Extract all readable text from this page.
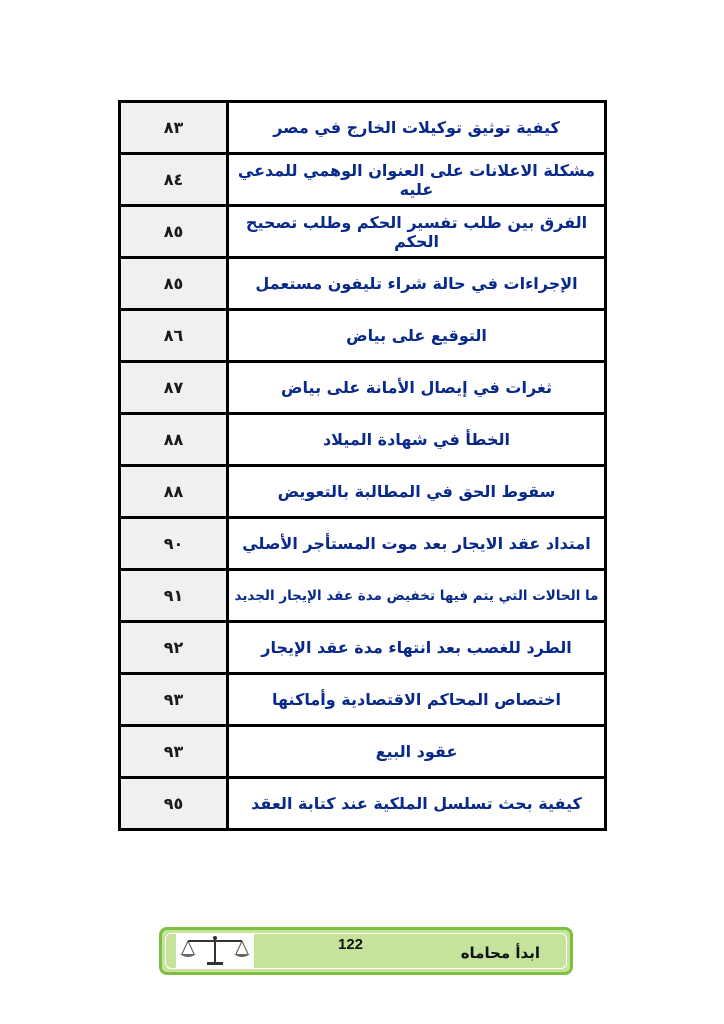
٨٣	كيفية توثيق توكيلات الخارج في مصر
٨٤	مشكلة الاعلانات على العنوان الوهمي للمدعي عليه
٨٥	الفرق بين طلب تفسير الحكم وطلب تصحيح الحكم
٨٥	الإجراءات في حالة شراء تليفون مستعمل
٨٦	التوقيع على بياض
٨٧	ثغرات في إيصال الأمانة على بياض
٨٨	الخطأ في شهادة الميلاد
٨٨	سقوط الحق في المطالبة بالتعويض
٩٠	امتداد عقد الايجار بعد موت المستأجر الأصلي
٩١	ما الحالات التي يتم فيها تخفيض مدة عقد الإيجار الجديد
٩٢	الطرد للغصب بعد انتهاء مدة عقد الإيجار
٩٣	اختصاص المحاكم الاقتصادية وأماكنها
٩٣	عقود البيع
٩٥	كيفية بحث تسلسل الملكية عند كتابة العقد
122	ابدأ محاماه
